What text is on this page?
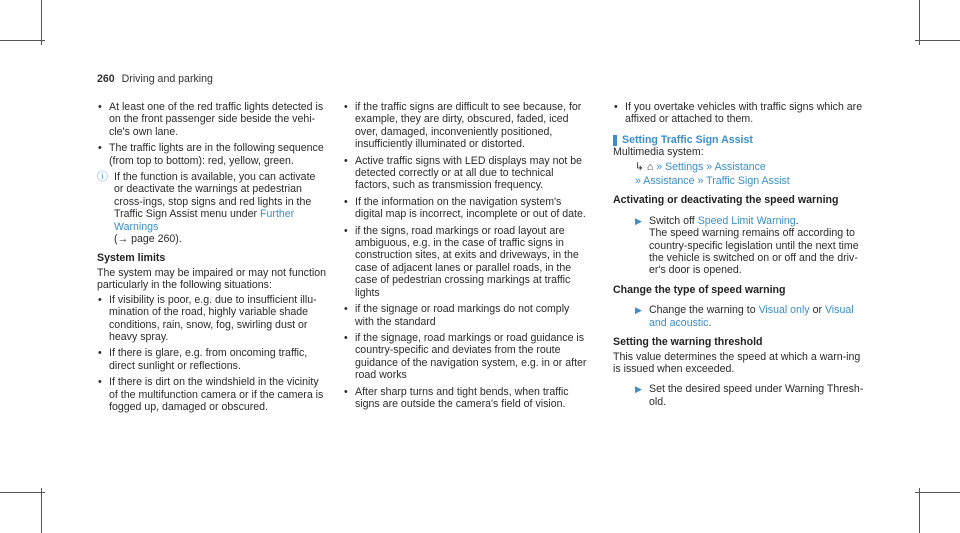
260 Driving and parking
• At least one of the red traffic lights detected is on the front passenger side beside the vehi-cle's own lane.
• The traffic lights are in the following sequence (from top to bottom): red, yellow, green.
ⓘ If the function is available, you can activate or deactivate the warnings at pedestrian cross-ings, stop signs and red lights in the Traffic Sign Assist menu under Further Warnings
(→ page 260).
System limits

The system may be impaired or may not function particularly in the following situations:

• If visibility is poor, e.g. due to insufficient illu-mination of the road, highly variable shade conditions, rain, snow, fog, swirling dust or heavy spray.
• If there is glare, e.g. from oncoming traffic, direct sunlight or reflections.
• If there is dirt on the windshield in the vicinity of the multifunction camera or if the camera is fogged up, damaged or obscured.
• if the traffic signs are difficult to see because, for example, they are dirty, obscured, faded, iced over, damaged, inconveniently positioned, insufficiently illuminated or distorted.
• Active traffic signs with LED displays may not be detected correctly or at all due to technical factors, such as transmission frequency.
• If the information on the navigation system's digital map is incorrect, incomplete or out of date.
• if the signs, road markings or road layout are ambiguous, e.g. in the case of traffic signs in construction sites, at exits and driveways, in the case of adjacent lanes or parallel roads, in the case of pedestrian crossing markings at traffic lights
• if the signage or road markings do not comply with the standard
• if the signage, road markings or road guidance is country-specific and deviates from the route guidance of the navigation system, e.g. in or after road works
• After sharp turns and tight bends, when traffic signs are outside the camera's field of vision.
• If you overtake vehicles with traffic signs which are affixed or attached to them.
Setting Traffic Sign Assist

Multimedia system:

↳ ⌂ » Settings » Assistance
» Assistance » Traffic Sign Assist
Activating or deactivating the speed warning
▶ Switch off Speed Limit Warning.
The speed warning remains off according to country-specific legislation until the next time the vehicle is switched on or off and the driv-er's door is opened.
Change the type of speed warning
▶ Change the warning to Visual only or Visual and acoustic.
Setting the warning threshold

This value determines the speed at which a warn-ing is issued when exceeded.

▶ Set the desired speed under Warning Thresh-old.
